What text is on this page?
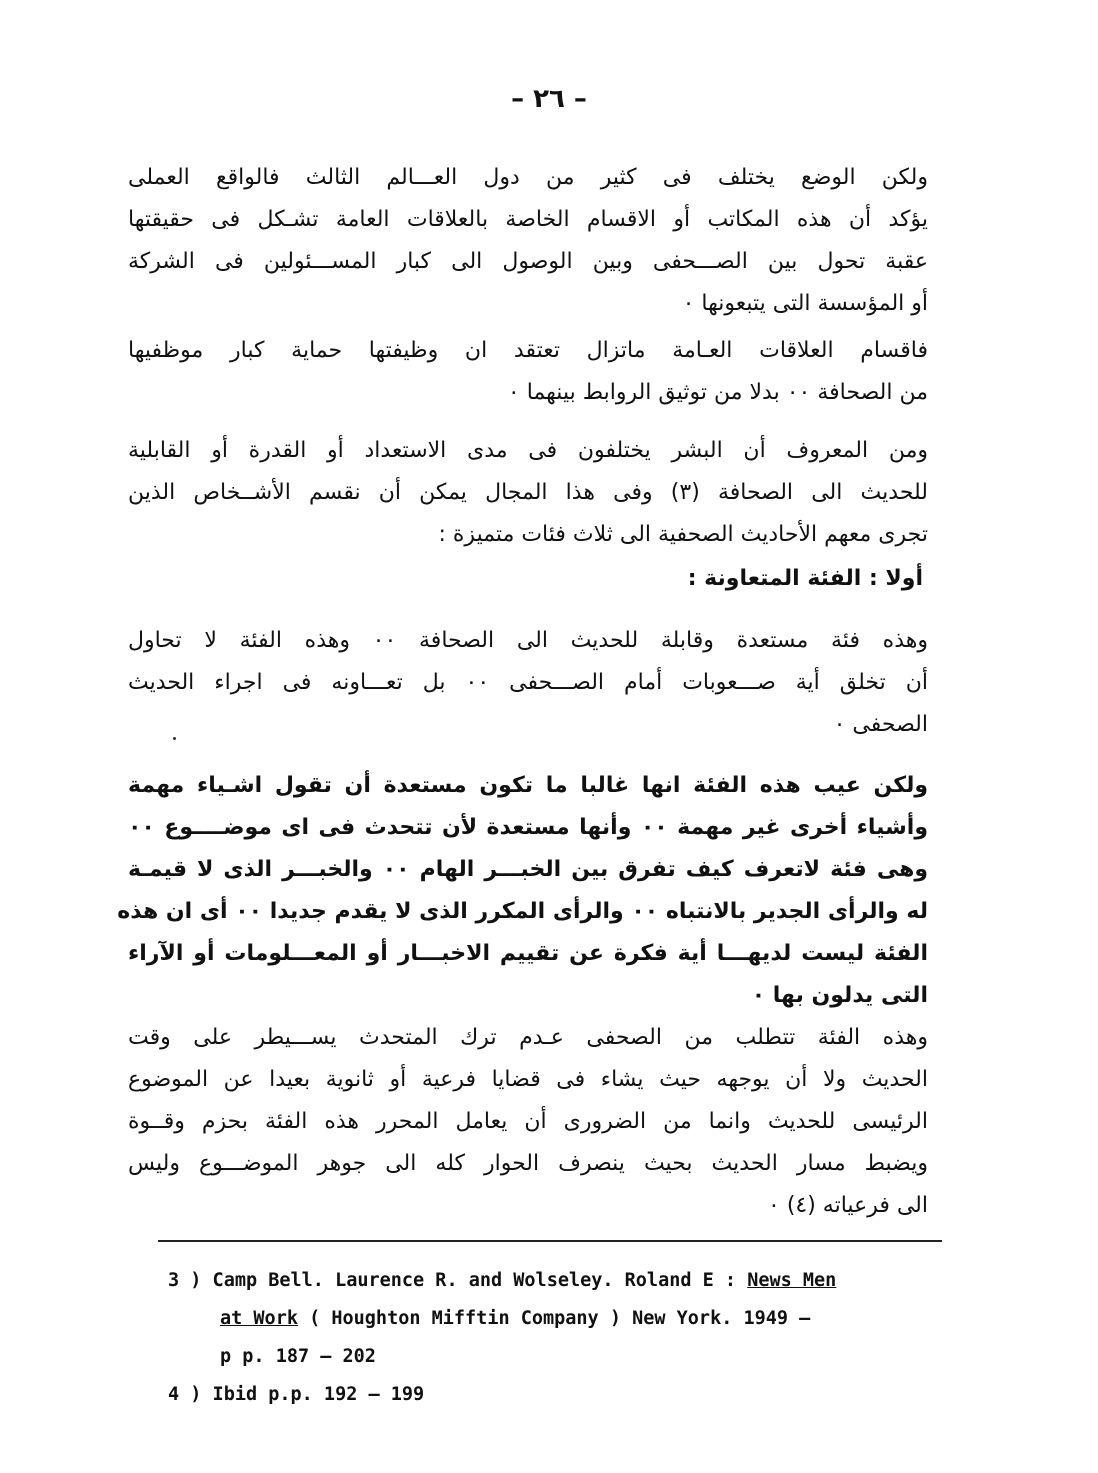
– ٢٦ –
ولكن الوضع يختلف فى كثير من دول العـــالم الثالث فالواقع العملى
يؤكد أن هذه المكاتب أو الاقسام الخاصة بالعلاقات العامة تشـكل فى حقيقتها
عقبة تحول بين الصـــحفى وبين الوصول الى كبار المســـئولين فى الشركة
أو المؤسسة التى يتبعونها ٠
فاقسام العلاقات العـامة ماتزال تعتقد ان وظيفتها حماية كبار موظفيها
من الصحافة ٠٠ بدلا من توثيق الروابط بينهما ٠
ومن المعروف أن البشر يختلفون فى مدى الاستعداد أو القدرة أو القابلية
للحديث الى الصحافة (٣) وفى هذا المجال يمكن أن نقسم الأشــخاص الذين
تجرى معهم الأحاديث الصحفية الى ثلاث فئات متميزة :
أولا : الفئة المتعاونة :
وهذه فئة مستعدة وقابلة للحديث الى الصحافة ٠٠ وهذه الفئة لا تحاول
أن تخلق أية صـــعوبات أمام الصـــحفى ٠٠ بل تعـــاونه فى اجراء الحديث
الصحفى ٠
ولكن عيب هذه الفئة انها غالبا ما تكون مستعدة أن تقول اشـياء مهمة
وأشياء أخرى غير مهمة ٠٠ وأنها مستعدة لأن تتحدث فى اى موضــــوع ٠٠
وهى فئة لاتعرف كيف تفرق بين الخبـــر الهام ٠٠ والخبـــر الذى لا قيمـة
له والرأى الجدير بالانتباه ٠٠ والرأى المكرر الذى لا يقدم جديدا ٠٠ أى ان هذه
الفئة ليست لديهـــا أية فكرة عن تقييم الاخبـــار أو المعـــلومات أو الآراء
التى يدلون بها ٠
وهذه الفئة تتطلب من الصحفى عـدم ترك المتحدث يســـيطر على وقت
الحديث ولا أن يوجهه حيث يشاء فى قضايا فرعية أو ثانوية بعيدا عن الموضوع
الرئيسى للحديث وانما من الضرورى أن يعامل المحرر هذه الفئة بحزم وقــوة
ويضبط مسار الحديث بحيث ينصرف الحوار كله الى جوهر الموضـــوع وليس
الى فرعياته (٤) ٠
3 ) Camp Bell. Laurence R. and Wolseley. Roland E : News Men
at Work ( Houghton Mifftin Company ) New York. 1949 —
p p. 187 — 202
4 ) Ibid p.p. 192 — 199
